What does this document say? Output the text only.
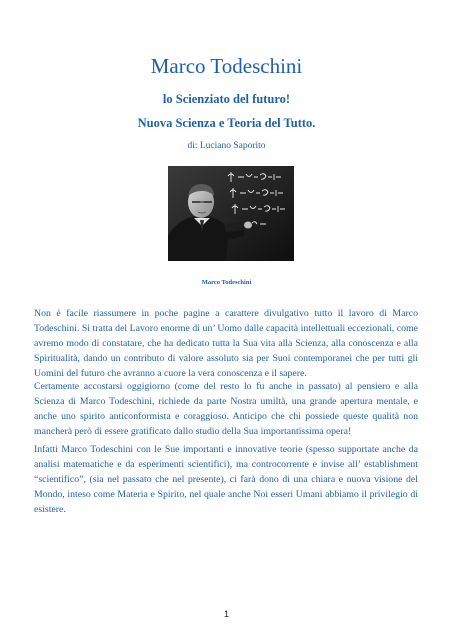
Marco Todeschini

lo Scienziato del futuro!

Nuova Scienza e Teoria del Tutto.

di: Luciano Saporito
Marco Todeschini

Non è facile riassumere in poche pagine a carattere divulgativo tutto il lavoro di Marco Todeschini. Si tratta del Lavoro enorme di un’ Uomo dalle capacità intellettuali eccezionali, come avremo modo di constatare, che ha dedicato tutta la Sua vita alla Scienza, alla conoscenza e alla Spiritualità, dando un contributo di valore assoluto sia per Suoi contemporanei che per tutti gli Uomini del futuro che avranno a cuore la vera conoscenza e il sapere.

Certamente accostarsi oggigiorno (come del resto lo fu anche in passato) al pensiero e alla Scienza di Marco Todeschini, richiede da parte Nostra umiltà, una grande apertura mentale, e anche uno spirito anticonformista e coraggioso. Anticipo che chi possiede queste qualità non mancherà però di essere gratificato dallo studio della Sua importantissima opera!

Infatti Marco Todeschini con le Sue importanti e innovative teorie (spesso supportate anche da analisi matematiche e da esperimenti scientifici), ma controcorrente e invise all’ establishment “scientifico”, (sia nel passato che nel presente), ci farà dono di una chiara e nuova visione del Mondo, inteso come Materia e Spirito, nel quale anche Noi esseri Umani abbiamo il privilegio di esistere.

1
